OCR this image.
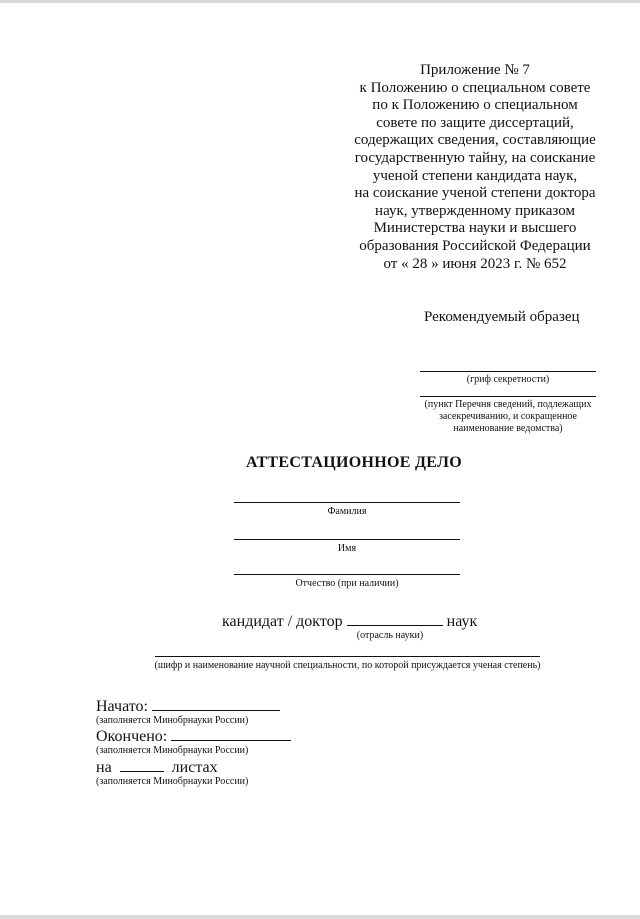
Приложение № 7
к Положению о специальном совете
по к Положению о специальном
совете по защите диссертаций,
содержащих сведения, составляющие
государственную тайну, на соискание
ученой степени кандидата наук,
на соискание ученой степени доктора
наук, утвержденному приказом
Министерства науки и высшего
образования Российской Федерации
от « 28 » июня 2023 г. № 652
Рекомендуемый образец
(гриф секретности)
(пункт Перечня сведений, подлежащих
засекречиванию, и сокращенное
наименование ведомства)
АТТЕСТАЦИОННОЕ ДЕЛО
Фамилия
Имя
Отчество (при наличии)
кандидат / доктор	наук
(отрасль науки)
(шифр и наименование научной специальности, по которой присуждается ученая степень)
Начато:
(заполняется Минобрнауки России)
Окончено:
(заполняется Минобрнауки России)
на	листах
(заполняется Минобрнауки России)
